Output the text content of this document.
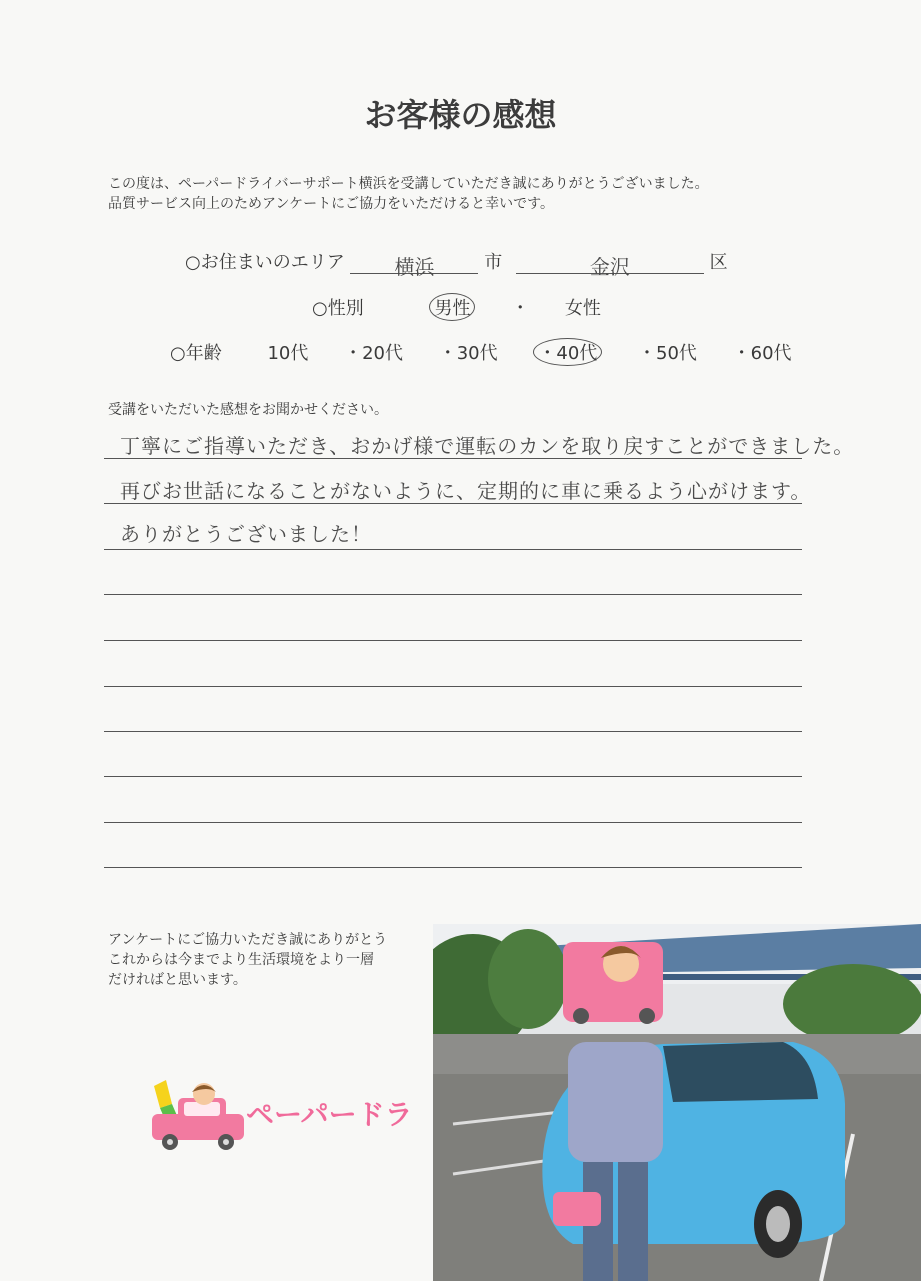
お客様の感想
この度は、ペーパードライバーサポート横浜を受講していただき誠にありがとうございました。
品質サービス向上のためアンケートにご協力をいただけると幸いです。
○お住まいのエリア 横浜	市	金沢	区
○性別	男性 ・ 女性
○年齢	10代 ・20代 ・30代 ・40代 ・50代 ・60代
受講をいただいた感想をお聞かせください。
丁寧にご指導いただき、おかげ様で運転のカンを取り戻すことができました。
再びお世話になることがないように、定期的に車に乗るよう心がけます。
ありがとうございました！
アンケートにご協力いただき誠にありがとう
これからは今までより生活環境をより一層
だければと思います。
ペーパードラ
